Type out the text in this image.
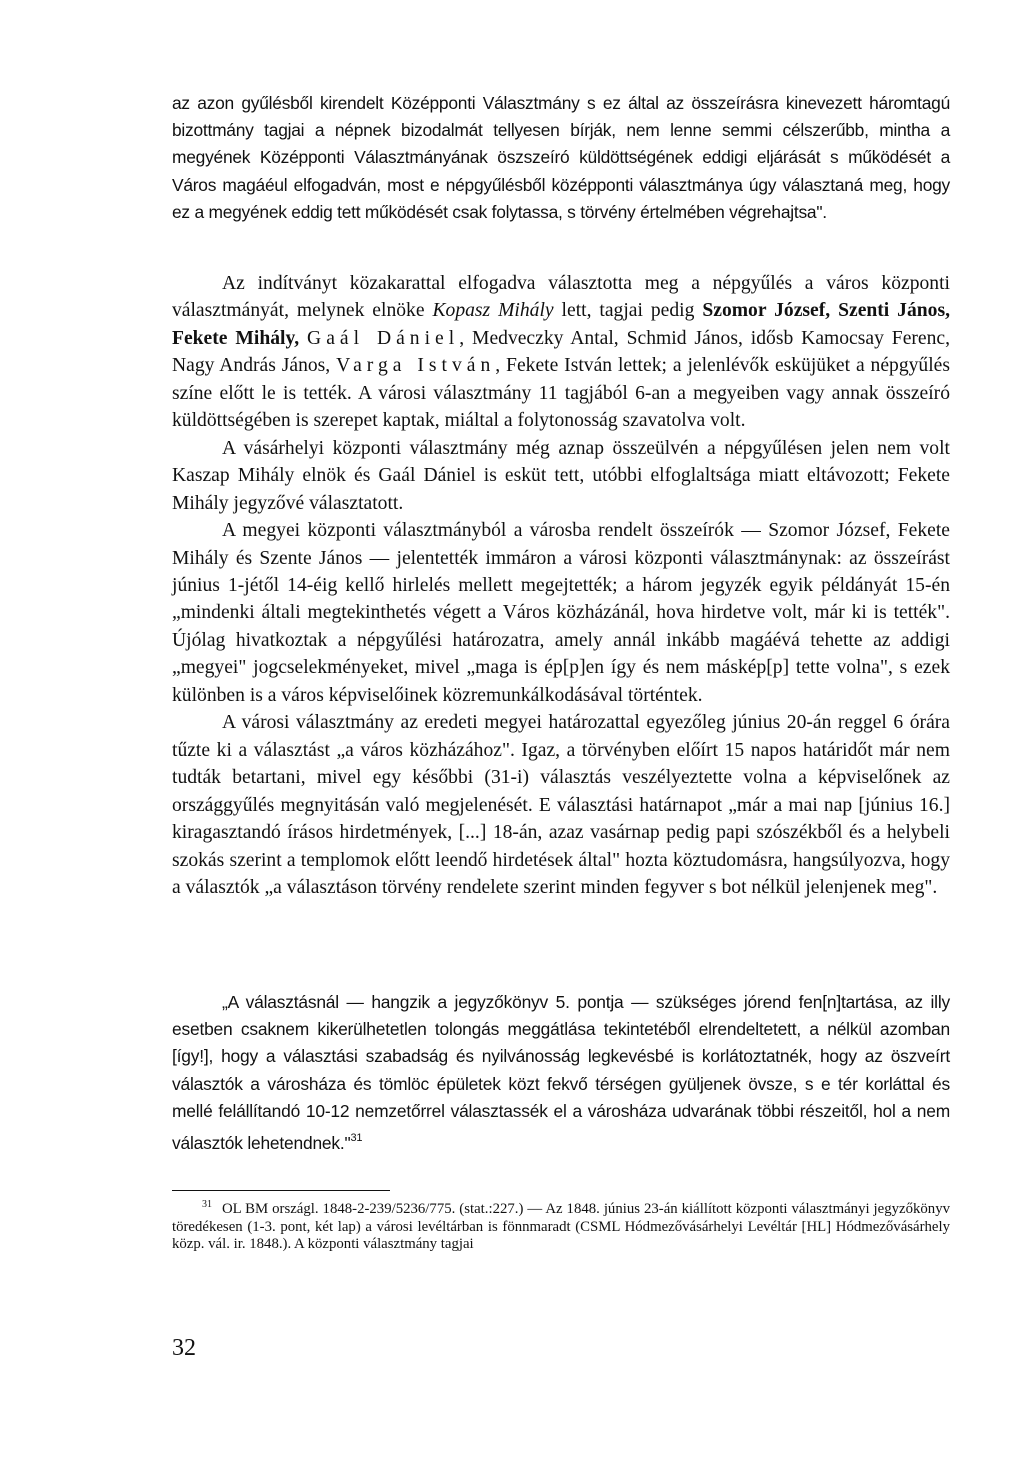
az azon gyűlésből kirendelt Középponti Választmány s ez által az összeírásra kinevezett háromtagú bizottmány tagjai a népnek bizodalmát tellyesen bírják, nem lenne semmi célszerűbb, mintha a megyének Középponti Választmányának öszszeíró küldöttségének eddigi eljárását s működését a Város magáéul elfogadván, most e népgyűlésből középponti választmánya úgy választaná meg, hogy ez a megyének eddig tett működését csak folytassa, s törvény értelmében végrehajtsa".

Az indítványt közakarattal elfogadva választotta meg a népgyűlés a város központi választmányát, melynek elnöke Kopasz Mihály lett, tagjai pedig Szomor József, Szenti János, Fekete Mihály, Gaál Dániel, Medveczky Antal, Schmid János, idősb Kamocsay Ferenc, Nagy András János, Varga István, Fekete István lettek; a jelenlévők esküjüket a népgyűlés színe előtt le is tették. A városi választmány 11 tagjából 6-an a megyeiben vagy annak összeíró küldöttségében is szerepet kaptak, miáltal a folytonosság szavatolva volt.

A vásárhelyi központi választmány még aznap összeülvén a népgyűlésen jelen nem volt Kaszap Mihály elnök és Gaál Dániel is esküt tett, utóbbi elfoglaltsága miatt eltávozott; Fekete Mihály jegyzővé választatott.

A megyei központi választmányból a városba rendelt összeírók — Szomor József, Fekete Mihály és Szente János — jelentették immáron a városi központi választmánynak: az összeírást június 1-jétől 14-éig kellő hirlelés mellett megejtették; a három jegyzék egyik példányát 15-én „mindenki általi megtekinthetés végett a Város közházánál, hova hirdetve volt, már ki is tették". Újólag hivatkoztak a népgyűlési határozatra, amely annál inkább magáévá tehette az addigi „megyei" jogcselekményeket, mivel „maga is ép[p]en így és nem máskép[p] tette volna", s ezek különben is a város képviselőinek közremunkálkodásával történtek.

A városi választmány az eredeti megyei határozattal egyezőleg június 20-án reggel 6 órára tűzte ki a választást „a város közházához". Igaz, a törvényben előírt 15 napos határidőt már nem tudták betartani, mivel egy későbbi (31-i) választás veszélyeztette volna a képviselőnek az országgyűlés megnyitásán való megjelenését. E választási határnapot „már a mai nap [június 16.] kiragasztandó írásos hirdetmények, [...] 18-án, azaz vasárnap pedig papi szószékből és a helybeli szokás szerint a templomok előtt leendő hirdetések által" hozta köztudomásra, hangsúlyozva, hogy a választók „a választáson törvény rendelete szerint minden fegyver s bot nélkül jelenjenek meg".

„A választásnál — hangzik a jegyzőkönyv 5. pontja — szükséges jórend fen[n]tartása, az illy esetben csaknem kikerülhetetlen tolongás meggátlása tekintetéből elrendeltetett, a nélkül azomban [így!], hogy a választási szabadság és nyilvánosság legkevésbé is korlátoztatnék, hogy az öszveírt választók a városháza és tömlöc épületek közt fekvő térségen gyüljenek övsze, s e tér korláttal és mellé felállítandó 10-12 nemzetőrrel választassék el a városháza udvarának többi részeitől, hol a nem választók lehetendnek."$^{31}$
$^{31}$ OL BM országl. 1848-2-239/5236/775. (stat.:227.) — Az 1848. június 23-án kiállított központi választmányi jegyzőkönyv töredékesen (1-3. pont, két lap) a városi levéltárban is fönnmaradt (CSML Hódmezővásárhelyi Levéltár [HL] Hódmezővásárhely közp. vál. ir. 1848.). A központi választmány tagjai
32
